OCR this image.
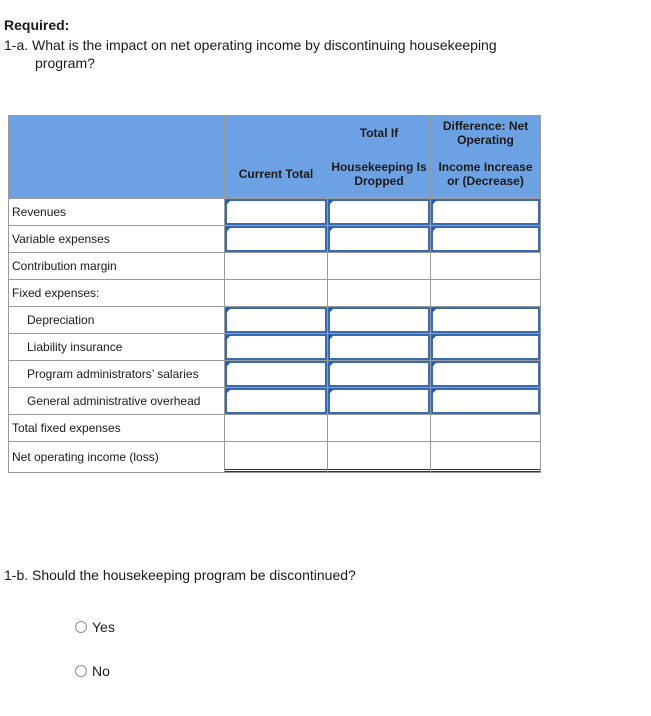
Required:
1-a. What is the impact on net operating income by discontinuing housekeeping
program?
		Total If	Difference: Net Operating
	Current Total	Housekeeping Is Dropped	Income Increase or (Decrease)
Revenues	

Variable expenses	

Contribution margin			
Fixed expenses:			
Depreciation	

Liability insurance	

Program administrators’ salaries	

General administrative overhead	

Total fixed expenses			
Net operating income (loss)	

1-b. Should the housekeeping program be discontinued?
Yes
No
